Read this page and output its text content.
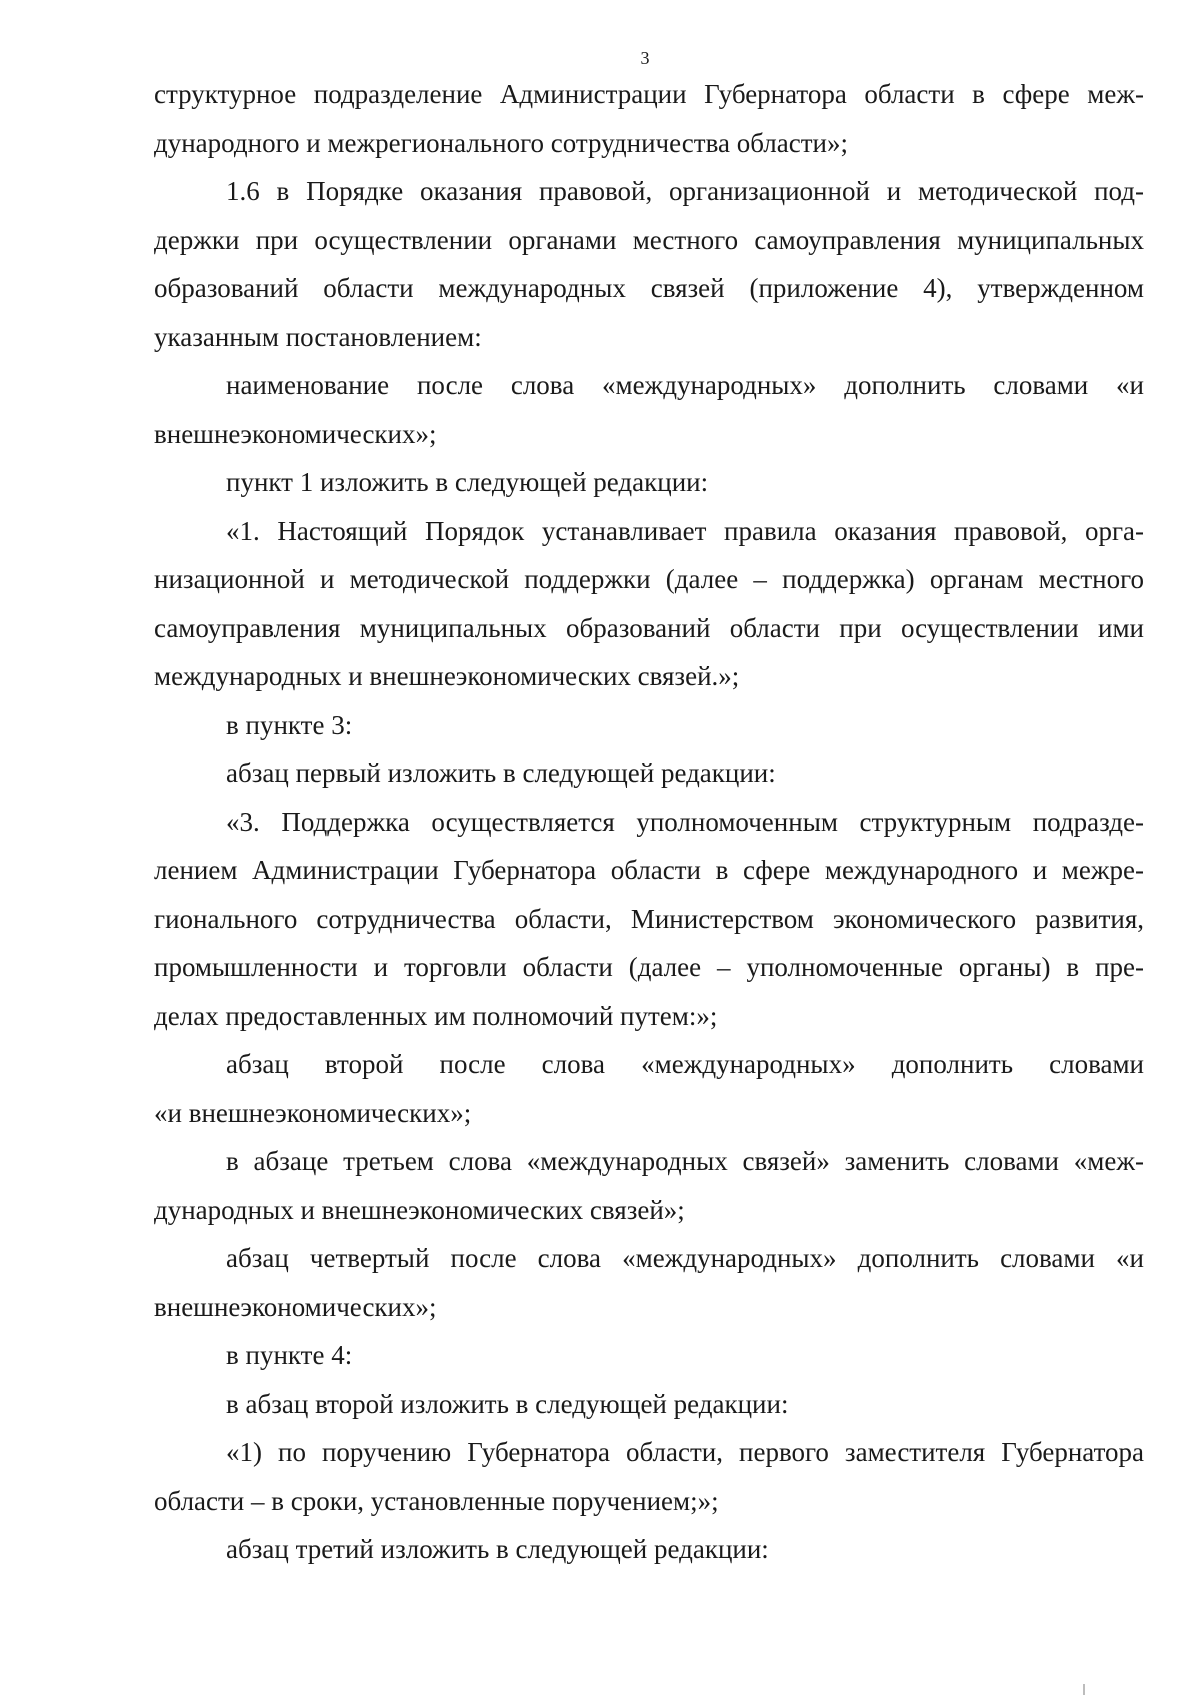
3
структурное подразделение Администрации Губернатора области в сфере меж-
дународного и межрегионального сотрудничества области»;
1.6 в Порядке оказания правовой, организационной и методической под-
держки при осуществлении органами местного самоуправления муниципальных
образований области международных связей (приложение 4), утвержденном
указанным постановлением:
наименование после слова «международных» дополнить словами «и
внешнеэкономических»;
пункт 1 изложить в следующей редакции:
«1. Настоящий Порядок устанавливает правила оказания правовой, орга-
низационной и методической поддержки (далее – поддержка) органам местного
самоуправления муниципальных образований области при осуществлении ими
международных и внешнеэкономических связей.»;
в пункте 3:
абзац первый изложить в следующей редакции:
«3. Поддержка осуществляется уполномоченным структурным подразде-
лением Администрации Губернатора области в сфере международного и межре-
гионального сотрудничества области, Министерством экономического развития,
промышленности и торговли области (далее – уполномоченные органы) в пре-
делах предоставленных им полномочий путем:»;
абзац второй после слова «международных» дополнить словами
«и внешнеэкономических»;
в абзаце третьем слова «международных связей» заменить словами «меж-
дународных и внешнеэкономических связей»;
абзац четвертый после слова «международных» дополнить словами «и
внешнеэкономических»;
в пункте 4:
в абзац второй изложить в следующей редакции:
«1) по поручению Губернатора области, первого заместителя Губернатора
области – в сроки, установленные поручением;»;
абзац третий изложить в следующей редакции:
